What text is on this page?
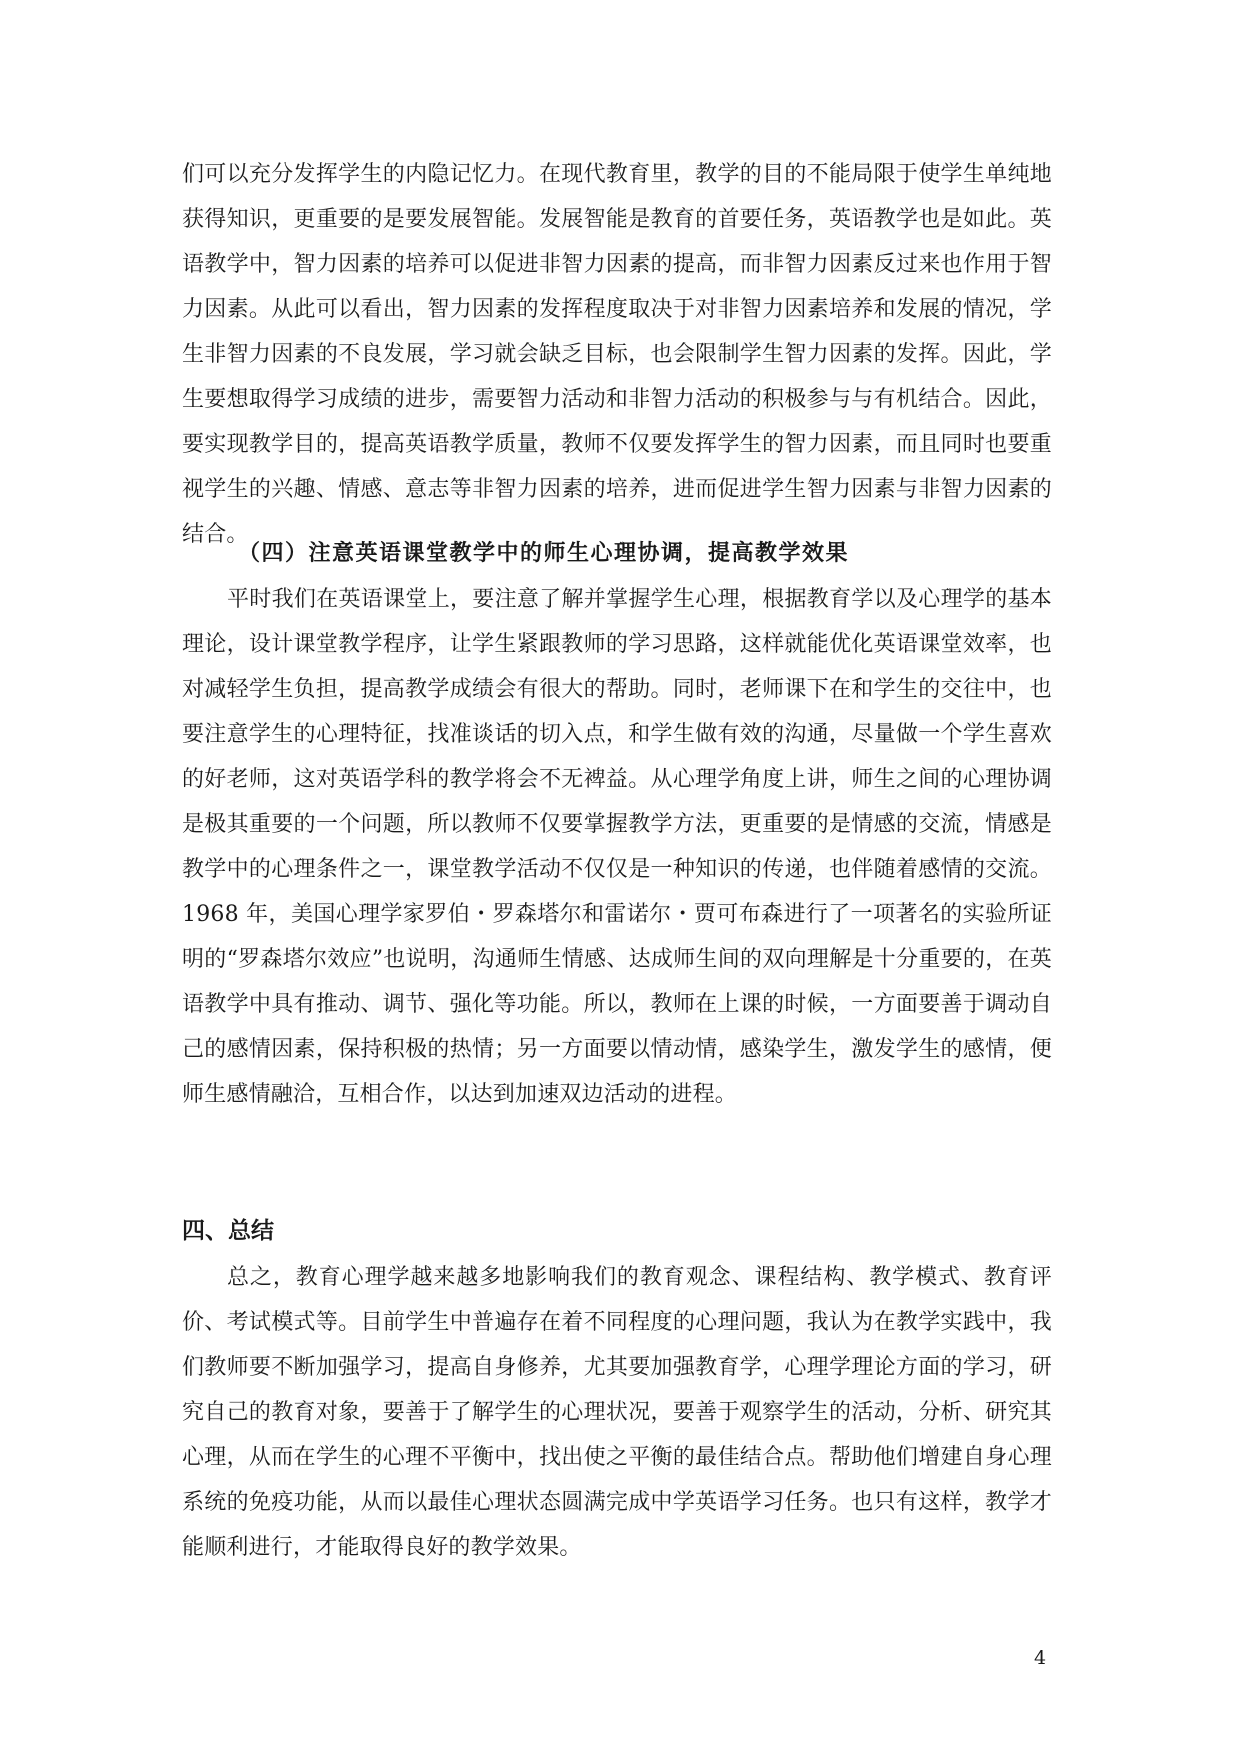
们可以充分发挥学生的内隐记忆力。在现代教育里，教学的目的不能局限于使学生单纯地获得知识，更重要的是要发展智能。发展智能是教育的首要任务，英语教学也是如此。英语教学中，智力因素的培养可以促进非智力因素的提高，而非智力因素反过来也作用于智力因素。从此可以看出，智力因素的发挥程度取决于对非智力因素培养和发展的情况，学生非智力因素的不良发展，学习就会缺乏目标，也会限制学生智力因素的发挥。因此，学生要想取得学习成绩的进步，需要智力活动和非智力活动的积极参与与有机结合。因此，要实现教学目的，提高英语教学质量，教师不仅要发挥学生的智力因素，而且同时也要重视学生的兴趣、情感、意志等非智力因素的培养，进而促进学生智力因素与非智力因素的结合。

（四）注意英语课堂教学中的师生心理协调，提高教学效果

平时我们在英语课堂上，要注意了解并掌握学生心理，根据教育学以及心理学的基本理论，设计课堂教学程序，让学生紧跟教师的学习思路，这样就能优化英语课堂效率，也对减轻学生负担，提高教学成绩会有很大的帮助。同时，老师课下在和学生的交往中，也要注意学生的心理特征，找准谈话的切入点，和学生做有效的沟通，尽量做一个学生喜欢的好老师，这对英语学科的教学将会不无裨益。从心理学角度上讲，师生之间的心理协调是极其重要的一个问题，所以教师不仅要掌握教学方法，更重要的是情感的交流，情感是教学中的心理条件之一，课堂教学活动不仅仅是一种知识的传递，也伴随着感情的交流。1968 年，美国心理学家罗伯・罗森塔尔和雷诺尔・贾可布森进行了一项著名的实验所证明的“罗森塔尔效应”也说明，沟通师生情感、达成师生间的双向理解是十分重要的，在英语教学中具有推动、调节、强化等功能。所以，教师在上课的时候，一方面要善于调动自己的感情因素，保持积极的热情；另一方面要以情动情，感染学生，激发学生的感情，便师生感情融洽，互相合作，以达到加速双边活动的进程。

四、总结

总之，教育心理学越来越多地影响我们的教育观念、课程结构、教学模式、教育评价、考试模式等。目前学生中普遍存在着不同程度的心理问题，我认为在教学实践中，我们教师要不断加强学习，提高自身修养，尤其要加强教育学，心理学理论方面的学习，研究自己的教育对象，要善于了解学生的心理状况，要善于观察学生的活动，分析、研究其心理，从而在学生的心理不平衡中，找出使之平衡的最佳结合点。帮助他们增建自身心理系统的免疫功能，从而以最佳心理状态圆满完成中学英语学习任务。也只有这样，教学才能顺利进行，才能取得良好的教学效果。

4
